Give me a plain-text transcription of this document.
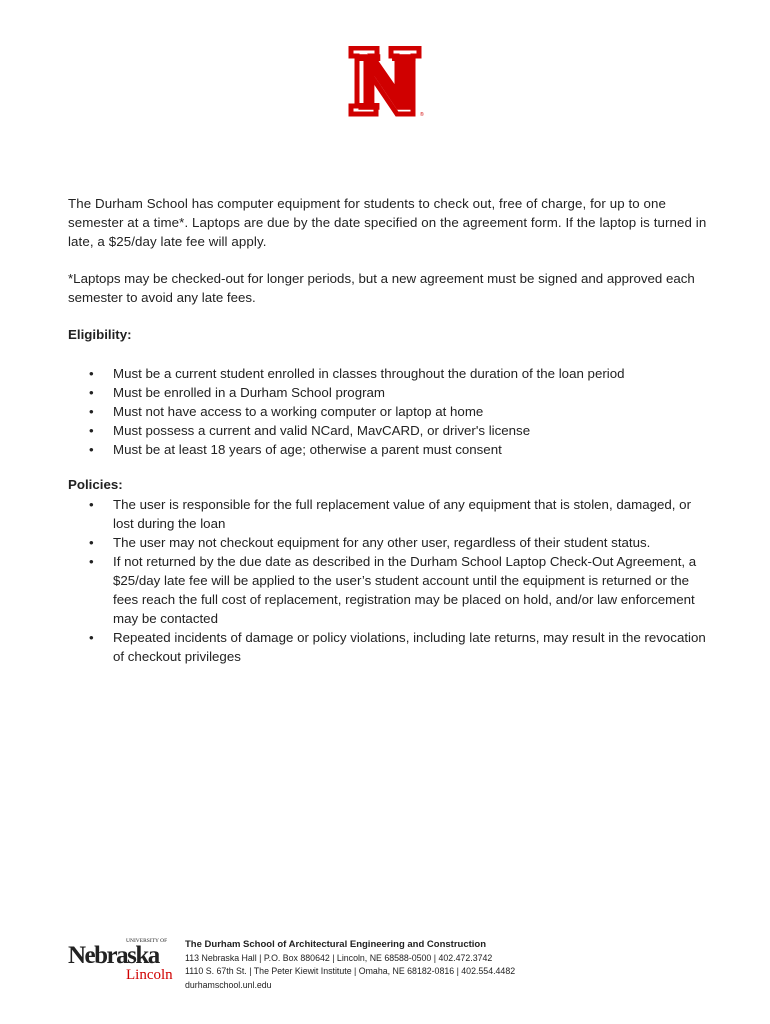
®

The Durham School has computer equipment for students to check out, free of charge, for up to one semester at a time*. Laptops are due by the date specified on the agreement form. If the laptop is turned in late, a $25/day late fee will apply.

*Laptops may be checked-out for longer periods, but a new agreement must be signed and approved each semester to avoid any late fees.

Eligibility:
• Must be a current student enrolled in classes throughout the duration of the loan period
• Must be enrolled in a Durham School program
• Must not have access to a working computer or laptop at home
• Must possess a current and valid NCard, MavCARD, or driver's license
• Must be at least 18 years of age; otherwise a parent must consent
Policies:
• The user is responsible for the full replacement value of any equipment that is stolen, damaged, or lost during the loan
• The user may not checkout equipment for any other user, regardless of their student status.
• If not returned by the due date as described in the Durham School Laptop Check-Out Agreement, a $25/day late fee will be applied to the user’s student account until the equipment is returned or the fees reach the full cost of replacement, registration may be placed on hold, and/or law enforcement may be contacted
• Repeated incidents of damage or policy violations, including late returns, may result in the revocation of checkout privileges
UNIVERSITY OF
Nebraska
Lincoln
The Durham School of Architectural Engineering and Construction
113 Nebraska Hall | P.O. Box 880642 | Lincoln, NE 68588-0500 | 402.472.3742
1110 S. 67th St. | The Peter Kiewit Institute | Omaha, NE 68182-0816 | 402.554.4482
durhamschool.unl.edu
